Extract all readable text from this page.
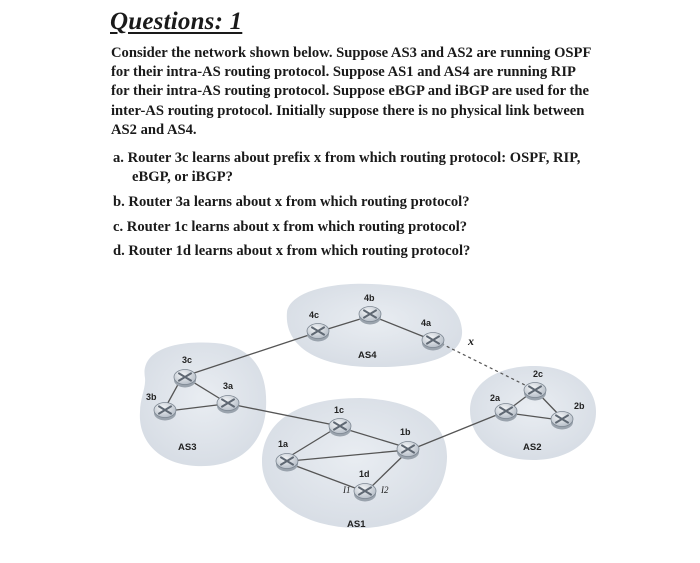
Questions: 1

Consider the network shown below. Suppose AS3 and AS2 are running OSPF
for their intra-AS routing protocol. Suppose AS1 and AS4 are running RIP
for their intra-AS routing protocol. Suppose eBGP and iBGP are used for the
inter-AS routing protocol. Initially suppose there is no physical link between
AS2 and AS4.

a. Router 3c learns about prefix x from which routing protocol: OSPF, RIP,
eBGP, or iBGP?

b. Router 3a learns about x from which routing protocol?

c. Router 1c learns about x from which routing protocol?

d. Router 1d learns about x from which routing protocol?

4b
4c
4a
3c
3b
3a
1c
1b
1a
1d
2a
2c
2b
I1	I2
AS4
AS3
AS1
AS2
x
